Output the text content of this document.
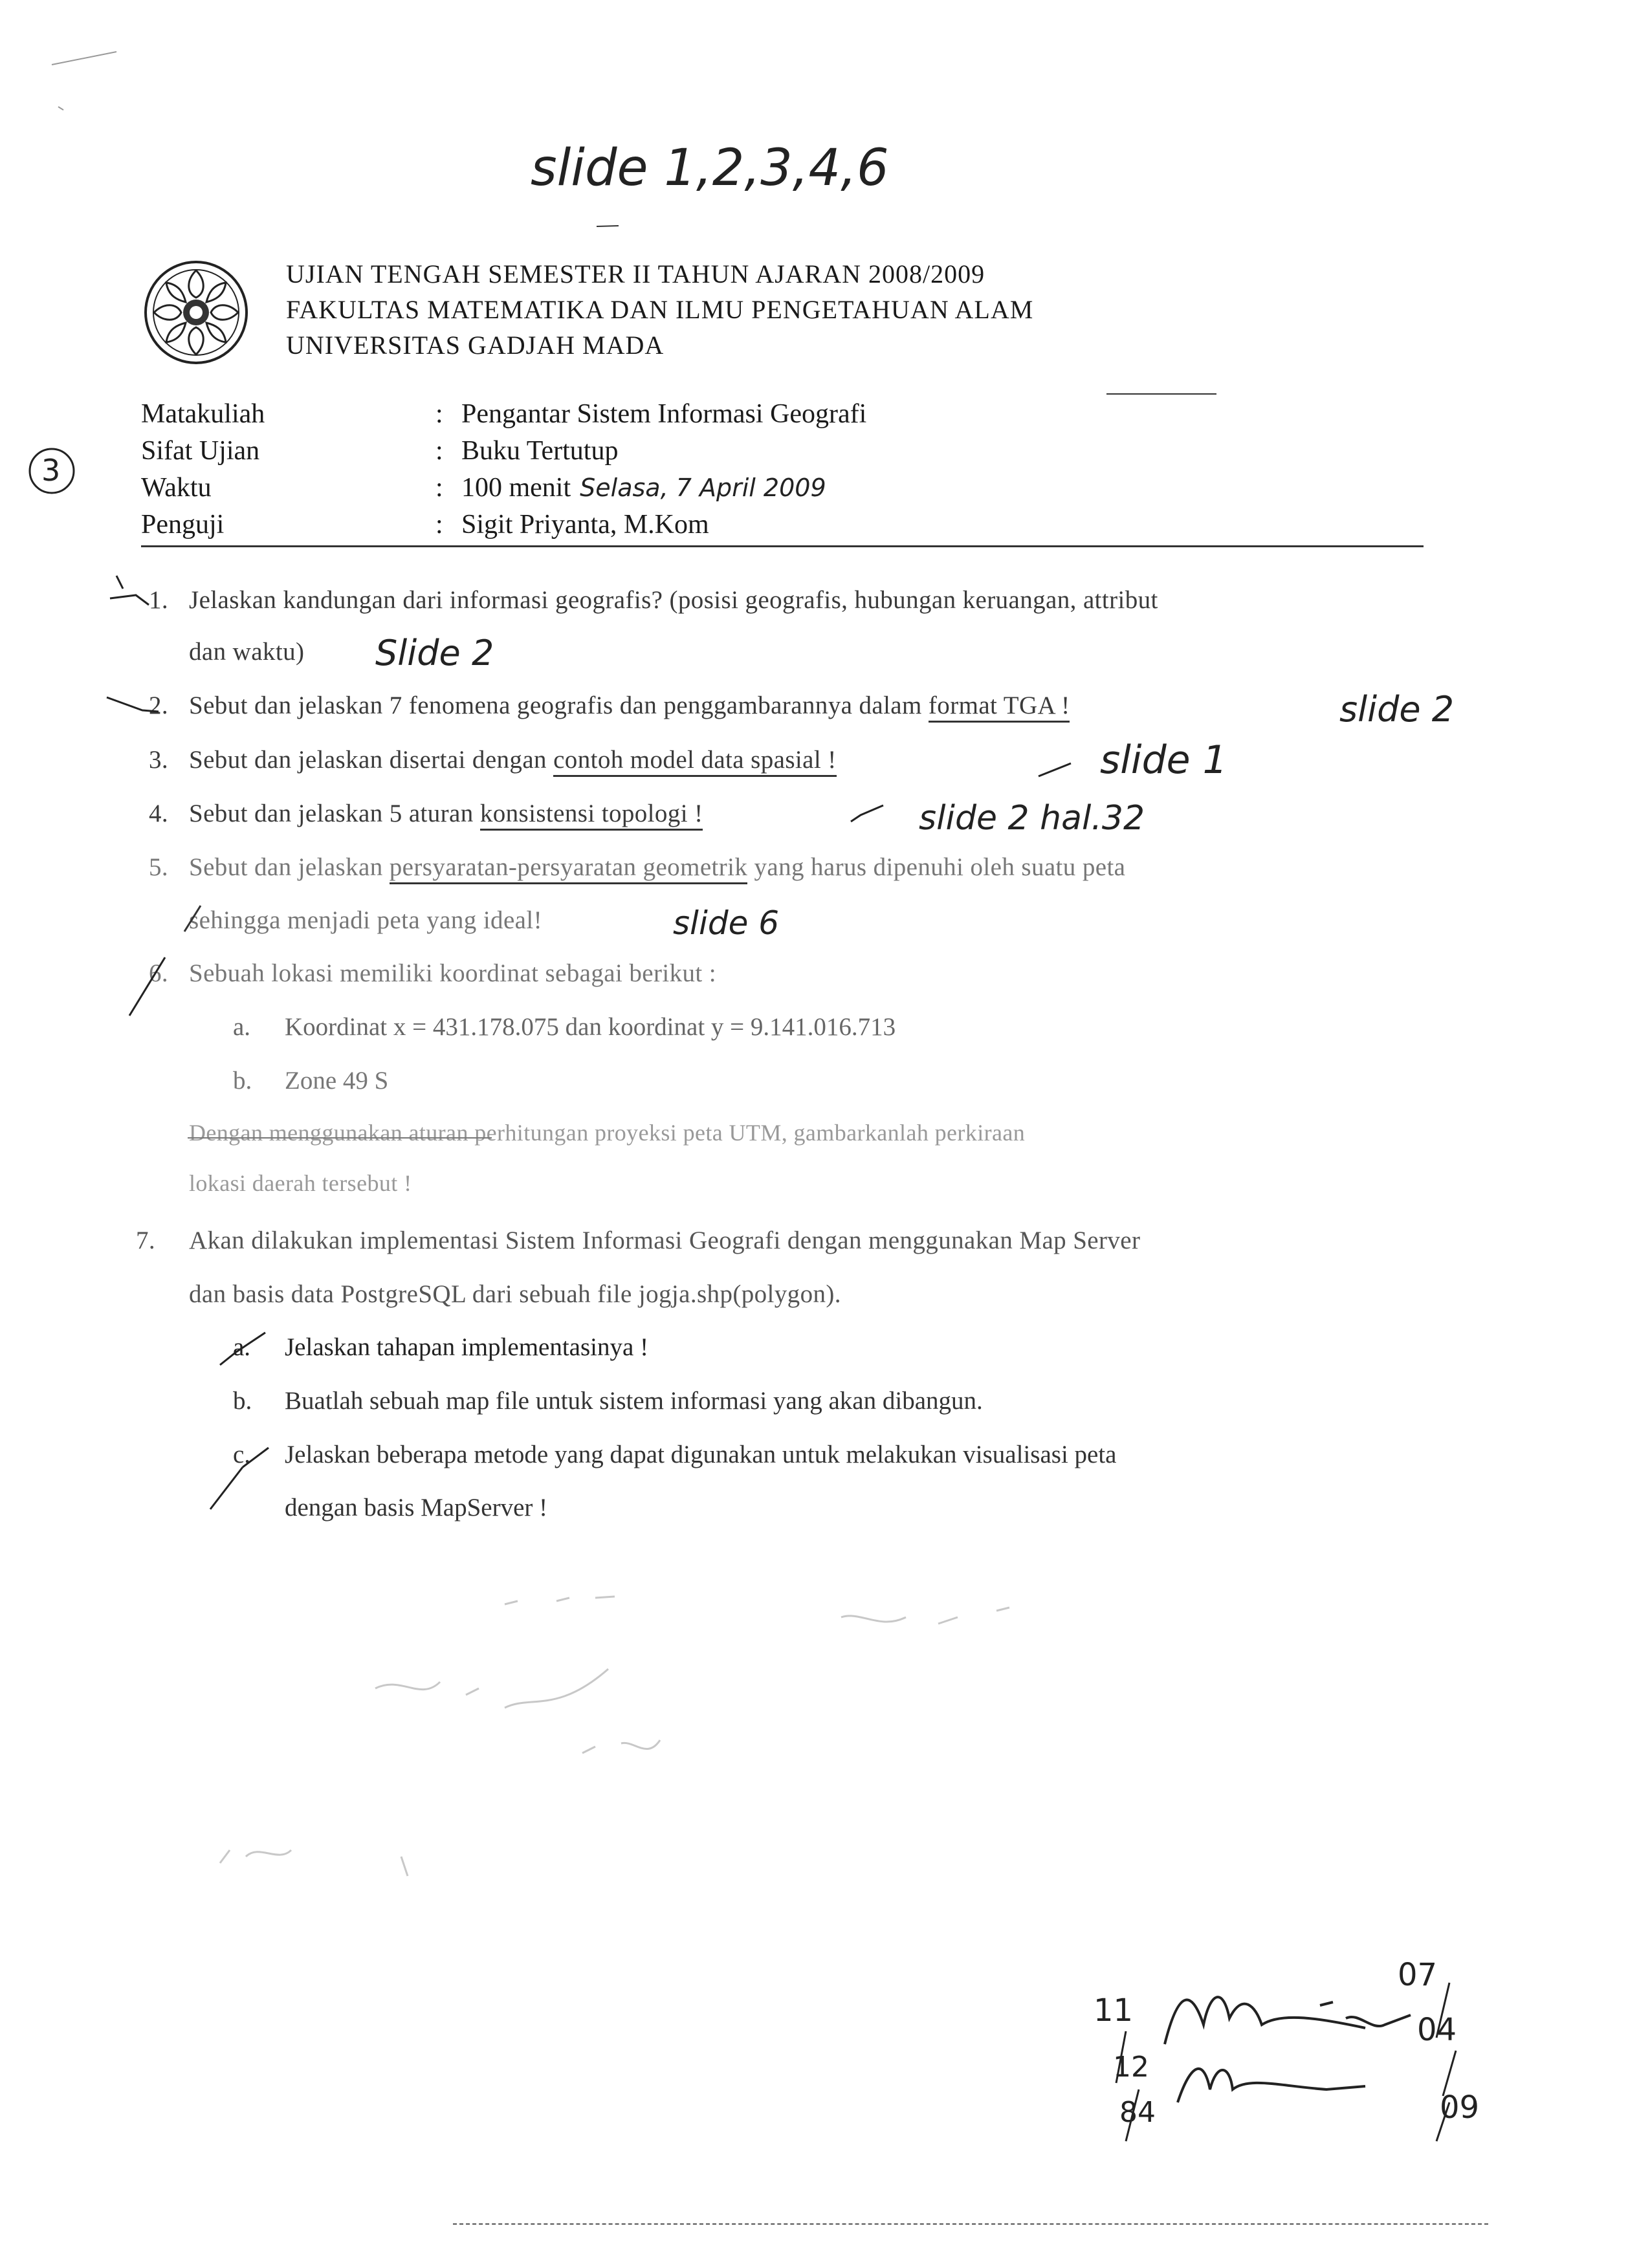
slide 1,2,3,4,6
UJIAN TENGAH SEMESTER II TAHUN AJARAN 2008/2009
FAKULTAS MATEMATIKA DAN ILMU PENGETAHUAN ALAM
UNIVERSITAS GADJAH MADA
3
Matakuliah	: Pengantar Sistem Informasi Geografi
Sifat Ujian	: Buku Tertutup
Waktu	: 100 menit Selasa, 7 April 2009
Penguji	: Sigit Priyanta, M.Kom
1. Jelaskan kandungan dari informasi geografis? (posisi geografis, hubungan keruangan, attribut
dan waktu) Slide 2
2. Sebut dan jelaskan 7 fenomena geografis dan penggambarannya dalam format TGA !	slide 2
3. Sebut dan jelaskan disertai dengan contoh model data spasial !	slide 1
4. Sebut dan jelaskan 5 aturan konsistensi topologi !	slide 2 hal.32
5. Sebut dan jelaskan persyaratan-persyaratan geometrik yang harus dipenuhi oleh suatu peta
sehingga menjadi peta yang ideal!	slide 6
6. Sebuah lokasi memiliki koordinat sebagai berikut :
a. Koordinat x = 431.178.075 dan koordinat y = 9.141.016.713
b. Zone 49 S
Dengan menggunakan aturan perhitungan proyeksi peta UTM, gambarkanlah perkiraan
lokasi daerah tersebut !
7. Akan dilakukan implementasi Sistem Informasi Geografi dengan menggunakan Map Server
dan basis data PostgreSQL dari sebuah file jogja.shp(polygon).
a. Jelaskan tahapan implementasinya !
b. Buatlah sebuah map file untuk sistem informasi yang akan dibangun.
c. Jelaskan beberapa metode yang dapat digunakan untuk melakukan visualisasi peta
dengan basis MapServer !
11
12
84
07
04
09
